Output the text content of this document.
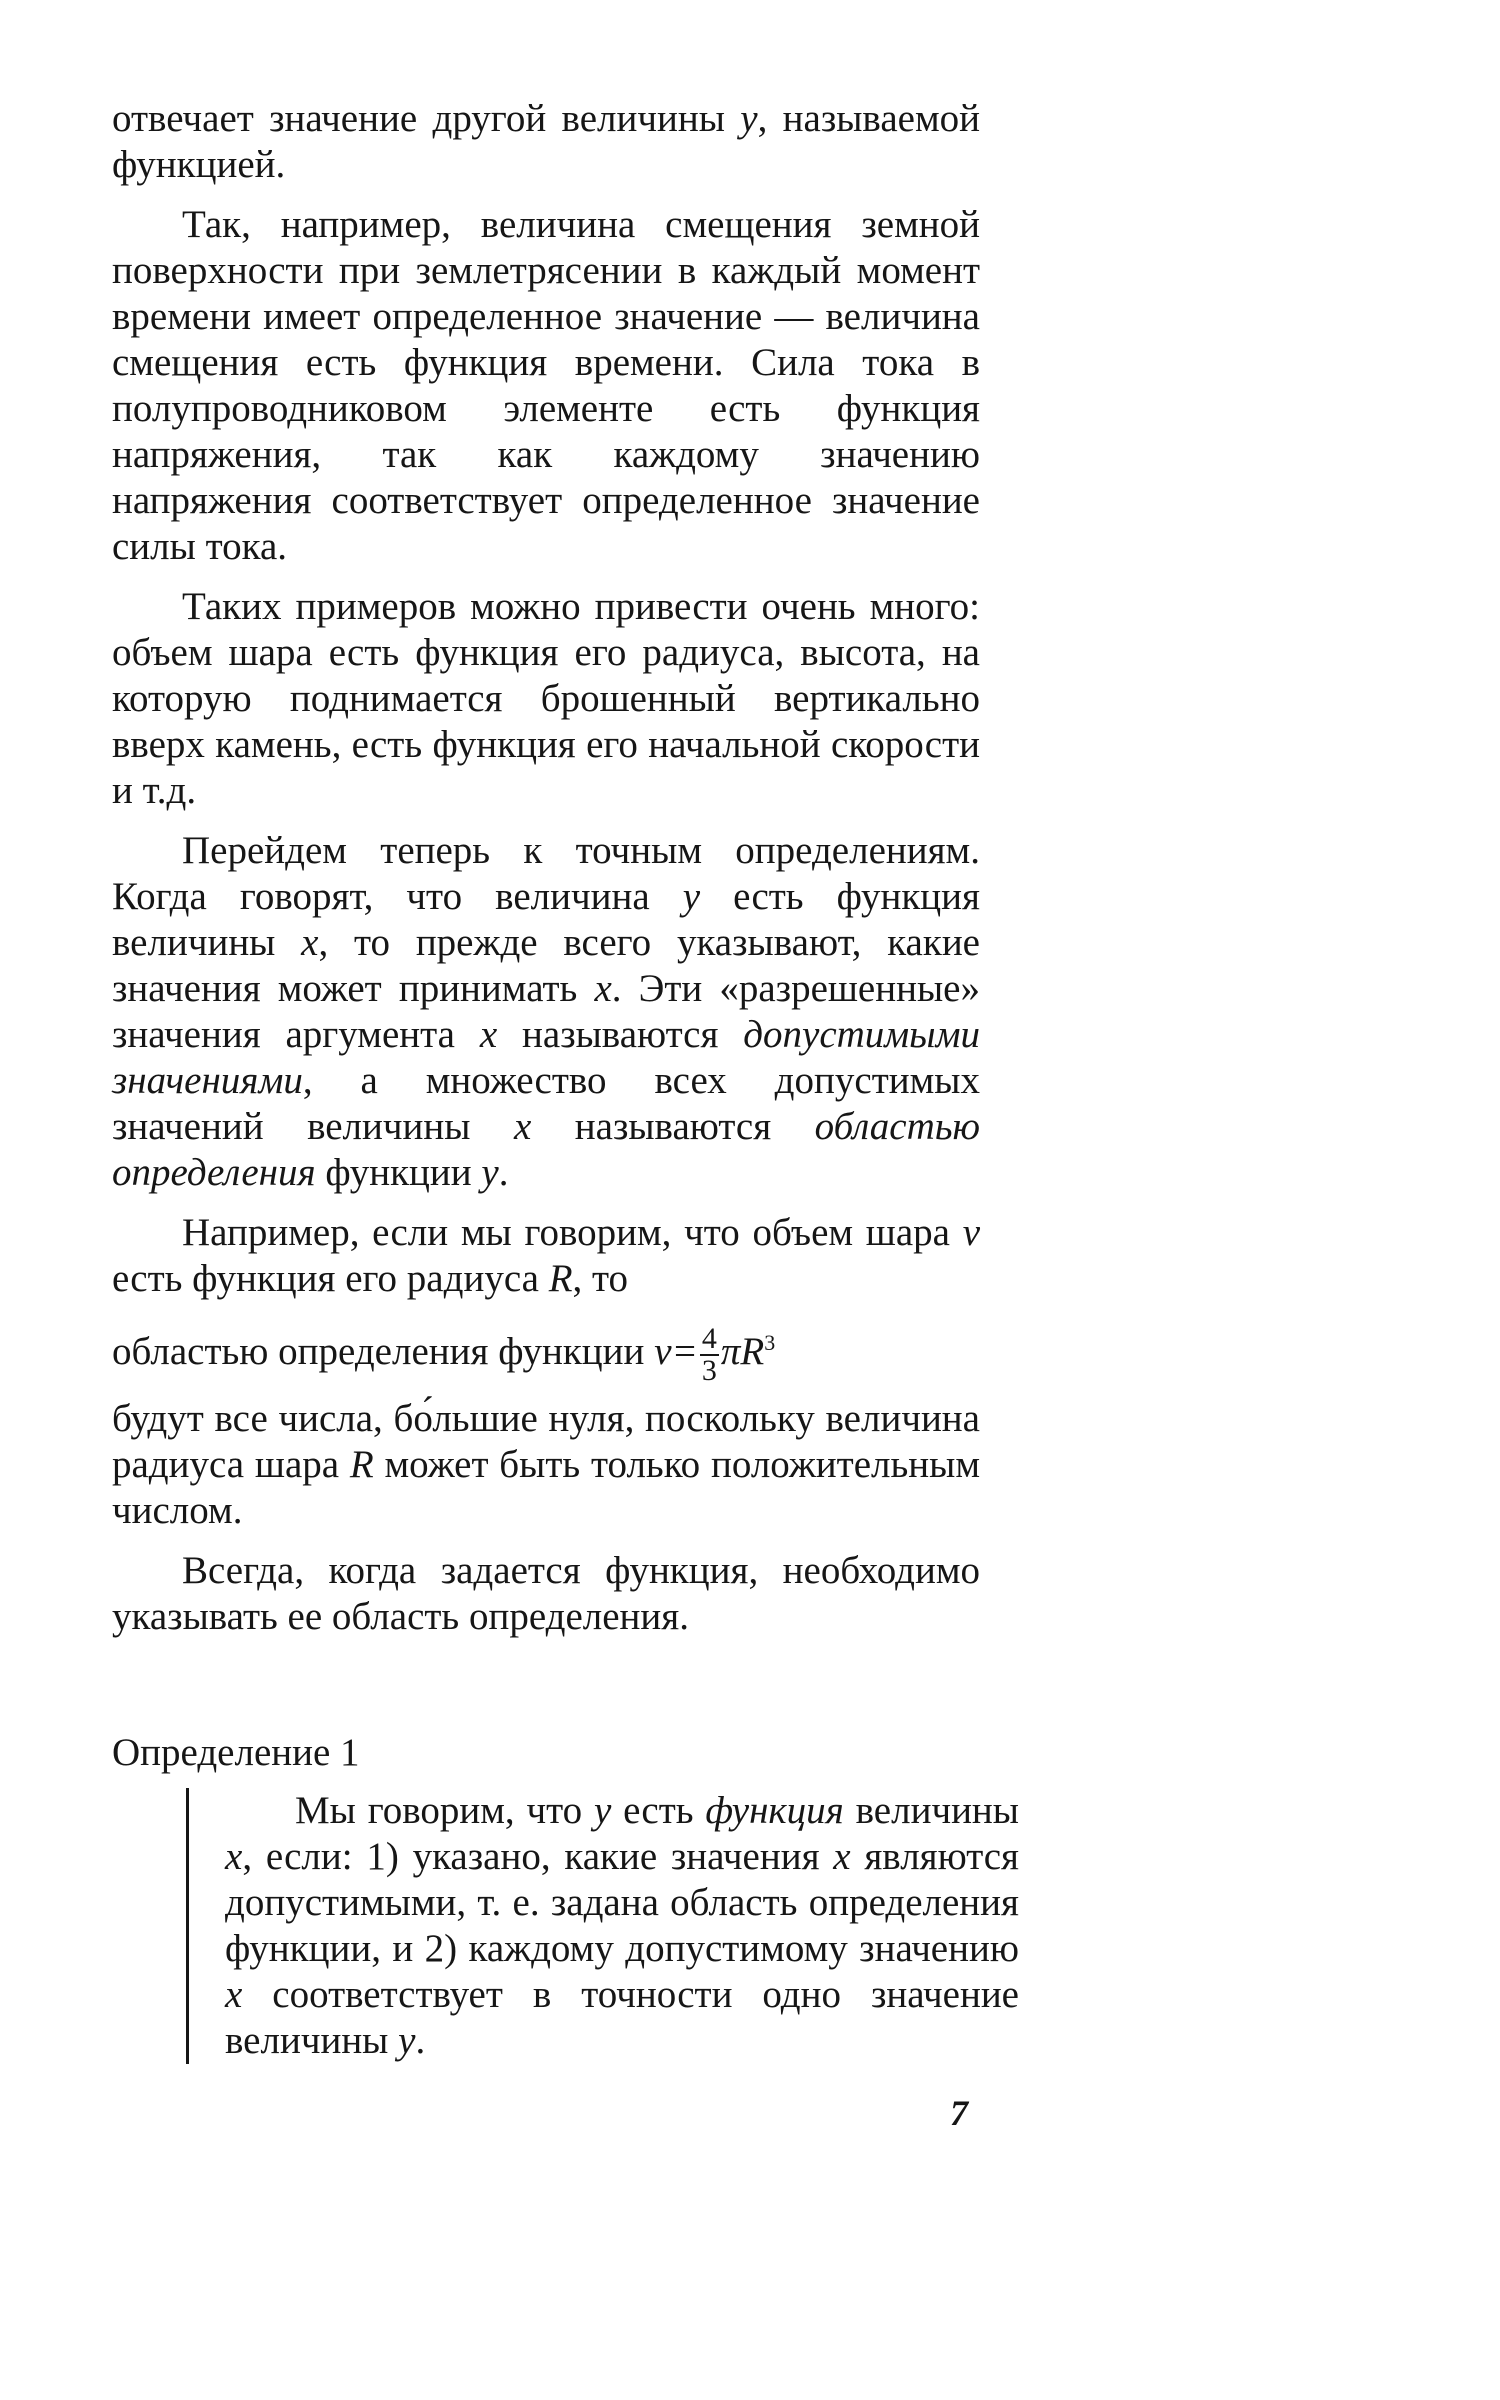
отвечает значение другой величины y, называемой функцией.

Так, например, величина смещения земной поверхности при землетрясении в каждый момент времени имеет определенное значение — величина смещения есть функция времени. Сила тока в полупроводниковом элементе есть функция напряжения, так как каждому значению напряжения соответствует определенное значение силы тока.

Таких примеров можно привести очень много: объем шара есть функция его радиуса, высота, на которую поднимается брошенный вертикально вверх камень, есть функция его начальной скорости и т.д.

Перейдем теперь к точным определениям. Когда говорят, что величина y есть функция величины x, то прежде всего указывают, какие значения может принимать x. Эти «разрешенные» значения аргумента x называются допустимыми значениями, а множество всех допустимых значений величины x называются областью определения функции y.

Например, если мы говорим, что объем шара v есть функция его радиуса R, то

областью определения функции $v= \frac{4}{3} \pi R^3$

будут все числа, бо́льшие нуля, поскольку величина радиуса шара R может быть только положительным числом.

Всегда, когда задается функция, необходимо указывать ее область определения.

Определение 1

Мы говорим, что y есть функция величины x, если: 1) указано, какие значения x являются допустимыми, т. е. задана область определения функции, и 2) каждому допустимому значению x соответствует в точности одно значение величины y.

7
